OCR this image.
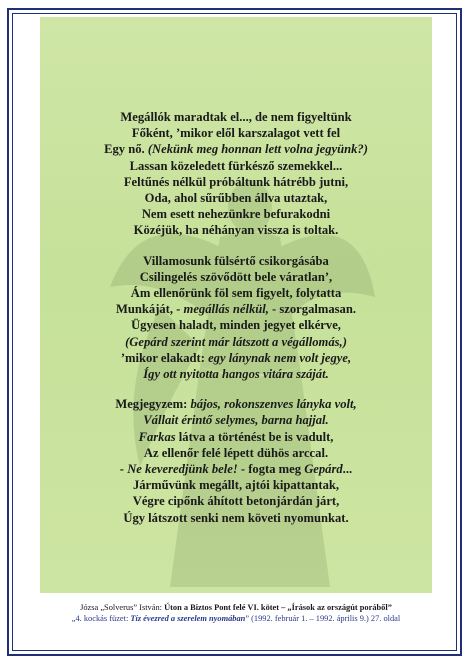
Megállók maradtak el..., de nem figyeltünk
Főként, ’mikor elől karszalagot vett fel
Egy nő. (Nekünk meg honnan lett volna jegyünk?)
Lassan közeledett fürkésző szemekkel...
Feltűnés nélkül próbáltunk hátrébb jutni,
Oda, ahol sűrűbben állva utaztak,
Nem esett nehezünkre befurakodni
Közéjük, ha néhányan vissza is toltak.
Villamosunk fülsértő csikorgásába
Csilingelés szövődött bele váratlan’,
Ám ellenőrünk föl sem figyelt, folytatta
Munkáját, - megállás nélkül, - szorgalmasan.
Ügyesen haladt, minden jegyet elkérve,
(Gepárd szerint már látszott a végállomás,)
’mikor elakadt: egy lánynak nem volt jegye,
Így ott nyitotta hangos vitára száját.
Megjegyzem: bájos, rokonszenves lányka volt,
Vállait érintő selymes, barna hajjal.
Farkas látva a történést be is vadult,
Az ellenőr felé lépett dühös arccal.
- Ne keveredjünk bele! - fogta meg Gepárd...
Járművünk megállt, ajtói kipattantak,
Végre cipőnk áhított betonjárdán járt,
Úgy látszott senki nem követi nyomunkat.
Józsa „Solverus” István: Úton a Biztos Pont felé VI. kötet – „Írások az országút poráből”
„4. kockás füzet: Tíz évezred a szerelem nyomában” (1992. február 1. – 1992. április 9.) 27. oldal
